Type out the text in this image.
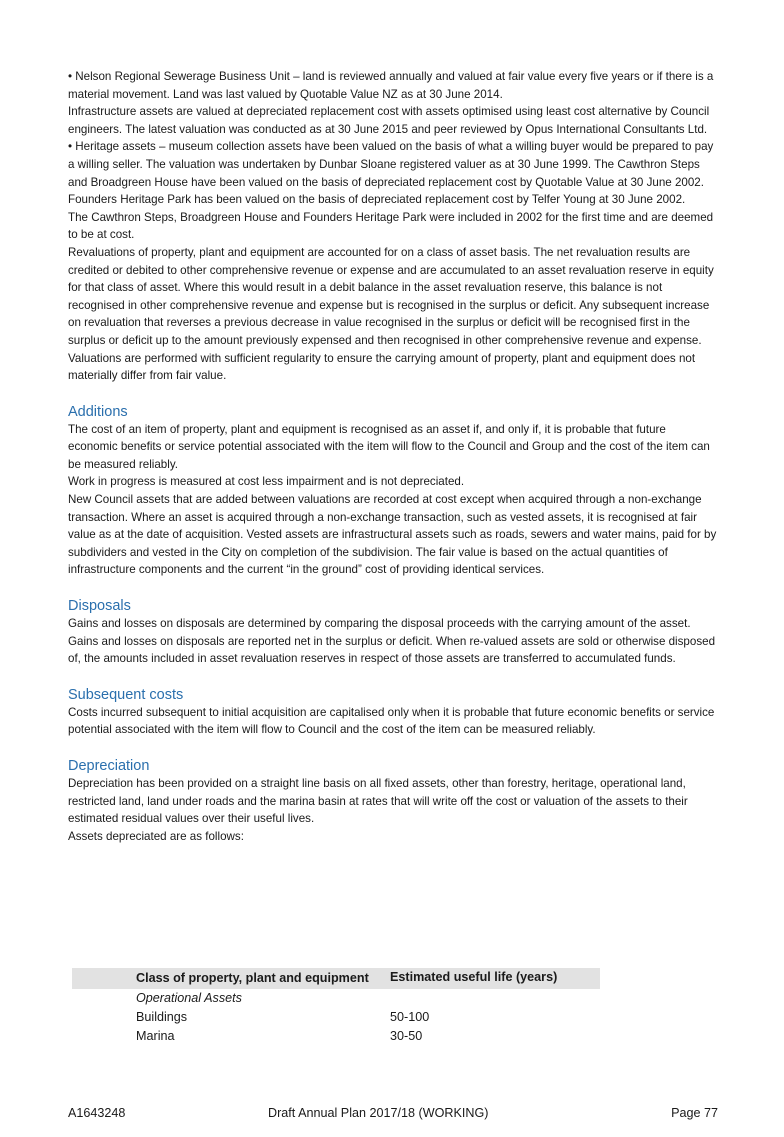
• Nelson Regional Sewerage Business Unit – land is reviewed annually and valued at fair value every five years or if there is a material movement. Land was last valued by Quotable Value NZ as at 30 June 2014.

Infrastructure assets are valued at depreciated replacement cost with assets optimised using least cost alternative by Council engineers. The latest valuation was conducted as at 30 June 2015 and peer reviewed by Opus International Consultants Ltd.

• Heritage assets – museum collection assets have been valued on the basis of what a willing buyer would be prepared to pay a willing seller. The valuation was undertaken by Dunbar Sloane registered valuer as at 30 June 1999. The Cawthron Steps and Broadgreen House have been valued on the basis of depreciated replacement cost by Quotable Value at 30 June 2002. Founders Heritage Park has been valued on the basis of depreciated replacement cost by Telfer Young at 30 June 2002.

The Cawthron Steps, Broadgreen House and Founders Heritage Park were included in 2002 for the first time and are deemed to be at cost.

Revaluations of property, plant and equipment are accounted for on a class of asset basis. The net revaluation results are credited or debited to other comprehensive revenue or expense and are accumulated to an asset revaluation reserve in equity for that class of asset. Where this would result in a debit balance in the asset revaluation reserve, this balance is not recognised in other comprehensive revenue and expense but is recognised in the surplus or deficit. Any subsequent increase on revaluation that reverses a previous decrease in value recognised in the surplus or deficit will be recognised first in the surplus or deficit up to the amount previously expensed and then recognised in other comprehensive revenue and expense.

Valuations are performed with sufficient regularity to ensure the carrying amount of property, plant and equipment does not materially differ from fair value.

Additions

The cost of an item of property, plant and equipment is recognised as an asset if, and only if, it is probable that future economic benefits or service potential associated with the item will flow to the Council and Group and the cost of the item can be measured reliably.

Work in progress is measured at cost less impairment and is not depreciated.

New Council assets that are added between valuations are recorded at cost except when acquired through a non-exchange transaction. Where an asset is acquired through a non-exchange transaction, such as vested assets, it is recognised at fair value as at the date of acquisition. Vested assets are infrastructural assets such as roads, sewers and water mains, paid for by subdividers and vested in the City on completion of the subdivision. The fair value is based on the actual quantities of infrastructure components and the current “in the ground” cost of providing identical services.

Disposals

Gains and losses on disposals are determined by comparing the disposal proceeds with the carrying amount of the asset. Gains and losses on disposals are reported net in the surplus or deficit. When re-valued assets are sold or otherwise disposed of, the amounts included in asset revaluation reserves in respect of those assets are transferred to accumulated funds.

Subsequent costs

Costs incurred subsequent to initial acquisition are capitalised only when it is probable that future economic benefits or service potential associated with the item will flow to Council and the cost of the item can be measured reliably.

Depreciation

Depreciation has been provided on a straight line basis on all fixed assets, other than forestry, heritage, operational land, restricted land, land under roads and the marina basin at rates that will write off the cost or valuation of the assets to their estimated residual values over their useful lives.

Assets depreciated are as follows:

Class of property, plant and equipment	Estimated useful life (years)
Operational Assets	
Buildings	50-100
Marina	30-50
A1643248	Draft Annual Plan 2017/18 (WORKING)	Page 77
